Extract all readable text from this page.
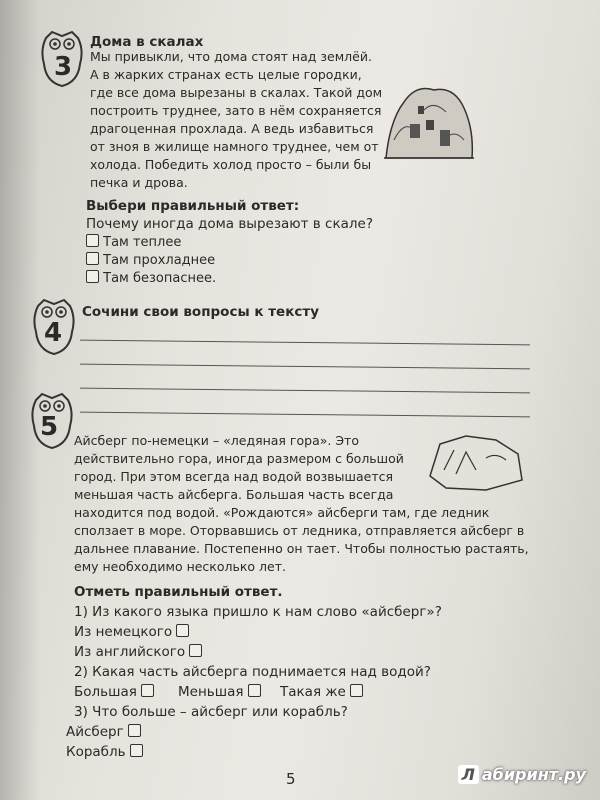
3
Дома в скалах
Мы привыкли, что дома стоят над землёй.
А в жарких странах есть целые городки,
где все дома вырезаны в скалах. Такой дом
построить труднее, зато в нём сохраняется
драгоценная прохлада. А ведь избавиться
от зноя в жилище намного труднее, чем от
холода. Победить холод просто – были бы
печка и дрова.
Выбери правильный ответ:
Почему иногда дома вырезают в скале?
Там теплее
Там прохладнее
Там безопаснее.
4
Сочини свои вопросы к тексту
5 Айсберг по-немецки – «ледяная гора». Это
действительно гора, иногда размером с большой
город. При этом всегда над водой возвышается
меньшая часть айсберга. Большая часть всегда
находится под водой. «Рождаются» айсберги там, где ледник
сползает в море. Оторвавшись от ледника, отправляется айсберг в
дальнее плавание. Постепенно он тает. Чтобы полностью растаять,
ему необходимо несколько лет.
Отметь правильный ответ.
1) Из какого языка пришло к нам слово «айсберг»?
Из немецкого
Из английского
2) Какая часть айсберга поднимается над водой?
Большая	Меньшая	Такая же
3) Что больше – айсберг или корабль?
Айсберг
Корабль
5	Л абиринт.ру
